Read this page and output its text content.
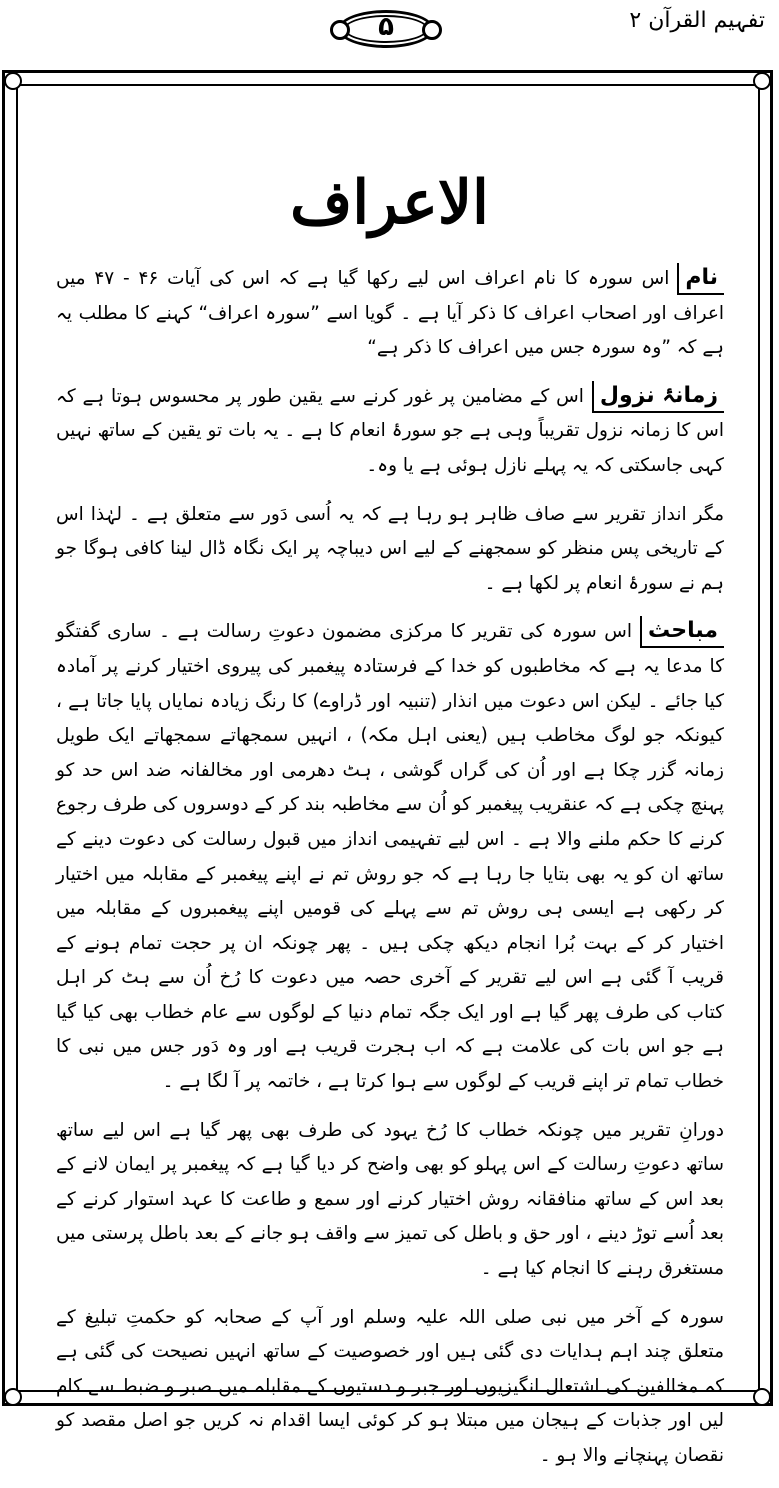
تفہیم القرآن ۲
۵
الاعراف

ناماس سورہ کا نام اعراف اس لیے رکھا گیا ہے کہ اس کی آیات ۴۶ - ۴۷ میں اعراف اور اصحاب اعراف کا ذکر آیا ہے ۔ گویا اسے ”سورہ اعراف“ کہنے کا مطلب یہ ہے کہ ”وہ سورہ جس میں اعراف کا ذکر ہے“

زمانۂ نزولاس کے مضامین پر غور کرنے سے یقین طور پر محسوس ہوتا ہے کہ اس کا زمانہ نزول تقریباً وہی ہے جو سورۂ انعام کا ہے ۔ یہ بات تو یقین کے ساتھ نہیں کہی جاسکتی کہ یہ پہلے نازل ہوئی ہے یا وہ۔

مگر انداز تقریر سے صاف ظاہر ہو رہا ہے کہ یہ اُسی دَور سے متعلق ہے ۔ لہٰذا اس کے تاریخی پس منظر کو سمجھنے کے لیے اس دیباچہ پر ایک نگاہ ڈال لینا کافی ہوگا جو ہم نے سورۂ انعام پر لکھا ہے ۔

مباحثاس سورہ کی تقریر کا مرکزی مضمون دعوتِ رسالت ہے ۔ ساری گفتگو کا مدعا یہ ہے کہ مخاطبوں کو خدا کے فرستادہ پیغمبر کی پیروی اختیار کرنے پر آمادہ کیا جائے ۔ لیکن اس دعوت میں انذار (تنبیہ اور ڈراوے) کا رنگ زیادہ نمایاں پایا جاتا ہے ، کیونکہ جو لوگ مخاطب ہیں (یعنی اہل مکہ) ، انہیں سمجھاتے سمجھاتے ایک طویل زمانہ گزر چکا ہے اور اُن کی گراں گوشی ، ہٹ دھرمی اور مخالفانہ ضد اس حد کو پہنچ چکی ہے کہ عنقریب پیغمبر کو اُن سے مخاطبہ بند کر کے دوسروں کی طرف رجوع کرنے کا حکم ملنے والا ہے ۔ اس لیے تفہیمی انداز میں قبول رسالت کی دعوت دینے کے ساتھ ان کو یہ بھی بتایا جا رہا ہے کہ جو روش تم نے اپنے پیغمبر کے مقابلہ میں اختیار کر رکھی ہے ایسی ہی روش تم سے پہلے کی قومیں اپنے پیغمبروں کے مقابلہ میں اختیار کر کے بہت بُرا انجام دیکھ چکی ہیں ۔ پھر چونکہ ان پر حجت تمام ہونے کے قریب آ گئی ہے اس لیے تقریر کے آخری حصہ میں دعوت کا رُخ اُن سے ہٹ کر اہل کتاب کی طرف پھر گیا ہے اور ایک جگہ تمام دنیا کے لوگوں سے عام خطاب بھی کیا گیا ہے جو اس بات کی علامت ہے کہ اب ہجرت قریب ہے اور وہ دَور جس میں نبی کا خطاب تمام تر اپنے قریب کے لوگوں سے ہوا کرتا ہے ، خاتمہ پر آ لگا ہے ۔

دورانِ تقریر میں چونکہ خطاب کا رُخ یہود کی طرف بھی پھر گیا ہے اس لیے ساتھ ساتھ دعوتِ رسالت کے اس پہلو کو بھی واضح کر دیا گیا ہے کہ پیغمبر پر ایمان لانے کے بعد اس کے ساتھ منافقانہ روش اختیار کرنے اور سمع و طاعت کا عہد استوار کرنے کے بعد اُسے توڑ دینے ، اور حق و باطل کی تمیز سے واقف ہو جانے کے بعد باطل پرستی میں مستغرق رہنے کا انجام کیا ہے ۔

سورہ کے آخر میں نبی صلی اللہ علیہ وسلم اور آپ کے صحابہ کو حکمتِ تبلیغ کے متعلق چند اہم ہدایات دی گئی ہیں اور خصوصیت کے ساتھ انہیں نصیحت کی گئی ہے کہ مخالفین کی اشتعال انگیزیوں اور جبر و دستیوں کے مقابلہ میں صبر و ضبط سے کام لیں اور جذبات کے ہیجان میں مبتلا ہو کر کوئی ایسا اقدام نہ کریں جو اصل مقصد کو نقصان پہنچانے والا ہو ۔
